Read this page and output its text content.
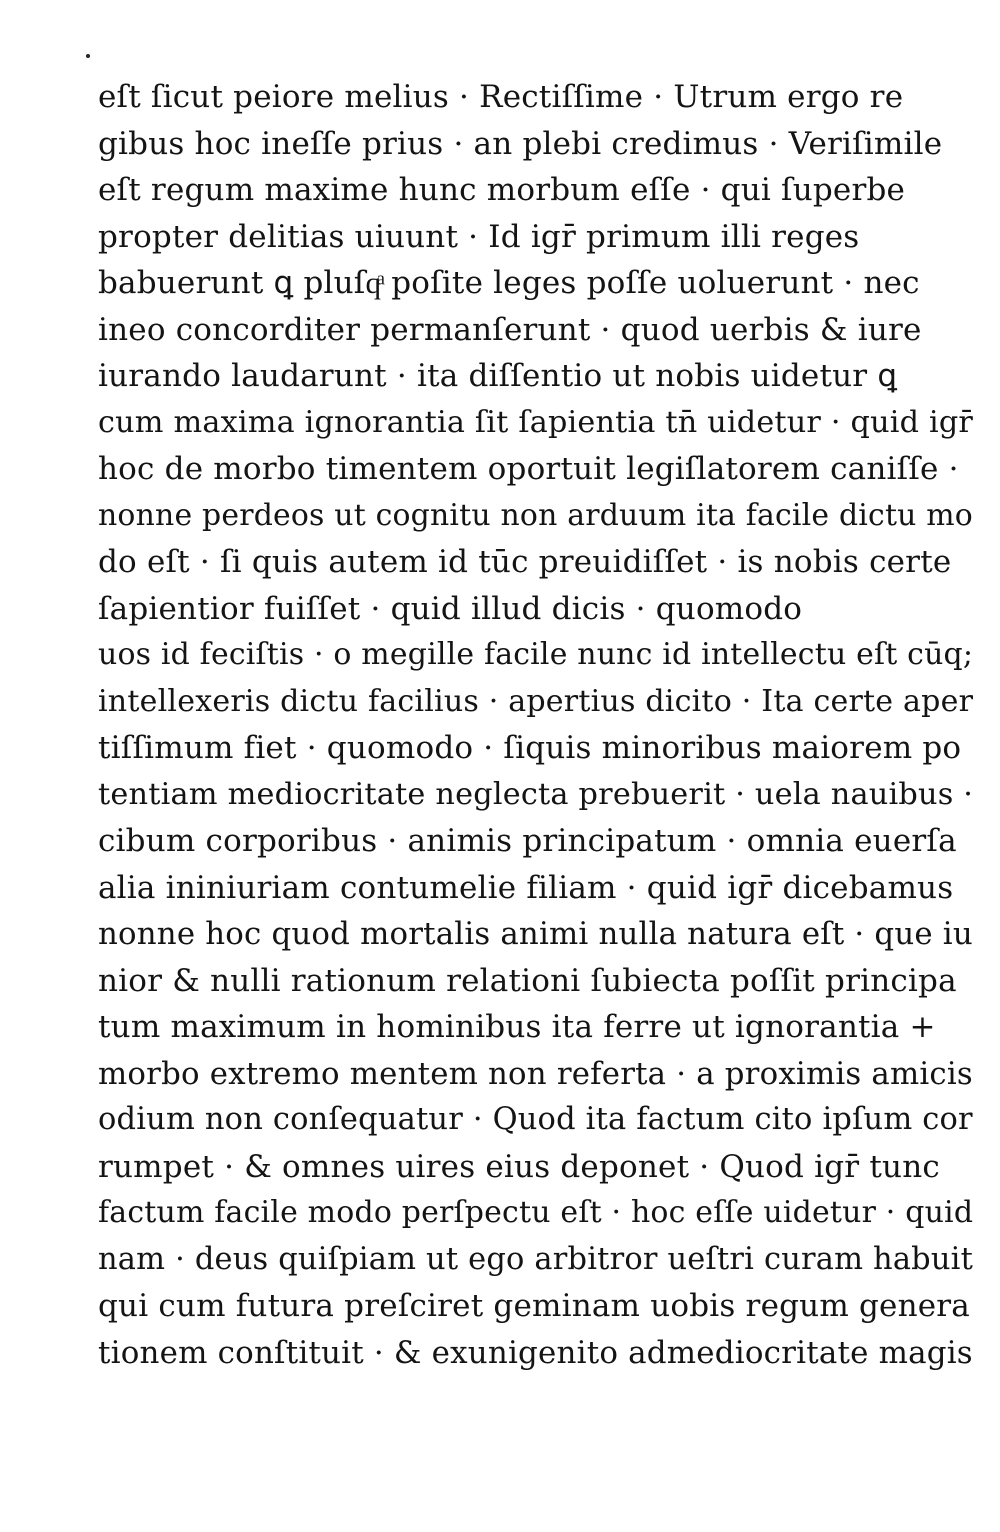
eſt ſicut peiore melius · Rectiſſime · Utrum ergo re
gibus hoc ineſſe prius · an plebi credimus · Veriſimile
eſt regum maxime hunc morbum eſſe · qui ſuperbe
propter delitias uiuunt · Id igr̄ primum illi reges
babuerunt ꝗ pluſqͣ poſite leges poſſe uoluerunt · nec
ineo concorditer permanſerunt · quod uerbis & iure
iurando laudarunt · ita diſſentio ut nobis uidetur ꝗ
cum maxima ignorantia ſit ſapientia tn̄ uidetur · quid igr̄
hoc de morbo timentem oportuit legiſlatorem caniſſe ·
nonne perdeos ut cognitu non arduum ita facile dictu mo
do eſt · ſi quis autem id tūc preuidiſſet · is nobis certe
ſapientior fuiſſet · quid illud dicis · quomodo
uos id feciſtis · o megille facile nunc id intellectu eſt cūq;
intellexeris dictu facilius · apertius dicito · Ita certe aper
tiſſimum fiet · quomodo · ſiquis minoribus maiorem po
tentiam mediocritate neglecta prebuerit · uela nauibus ·
cibum corporibus · animis principatum · omnia euerſa
alia ininiuriam contumelie filiam · quid igr̄ dicebamus
nonne hoc quod mortalis animi nulla natura eſt · que iu
nior & nulli rationum relationi ſubiecta poſſit principa
tum maximum in hominibus ita ferre ut ignorantia +
morbo extremo mentem non referta · a proximis amicis
odium non conſequatur · Quod ita factum cito ipſum cor
rumpet · & omnes uires eius deponet · Quod igr̄ tunc
factum facile modo perſpectu eſt · hoc eſſe uidetur · quid
nam · deus quiſpiam ut ego arbitror ueſtri curam habuit
qui cum futura preſciret geminam uobis regum genera
tionem conſtituit · & exunigenito admediocritate magis
